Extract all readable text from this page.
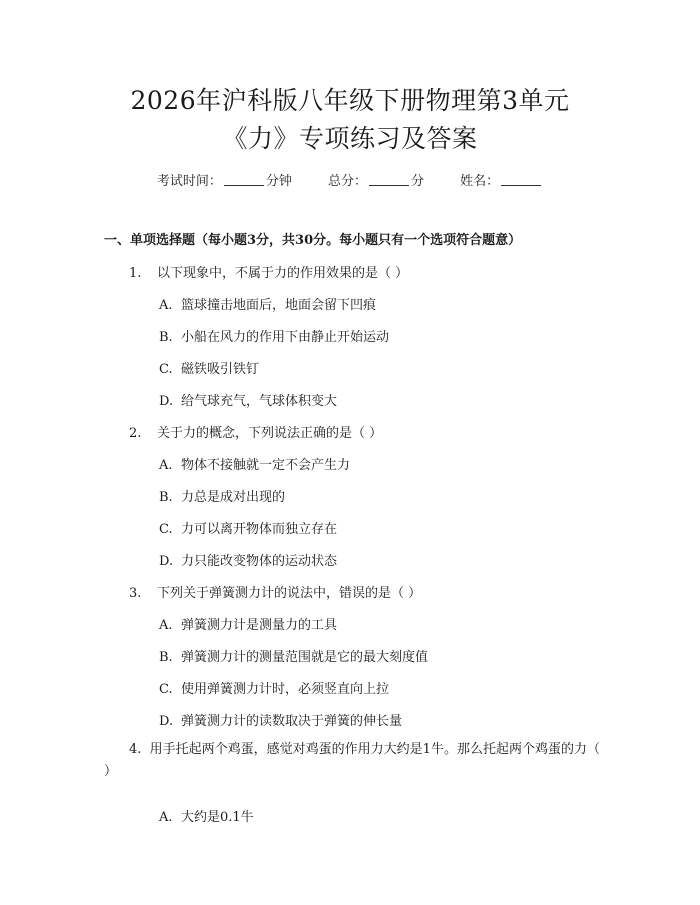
2026年沪科版八年级下册物理第3单元
《力》专项练习及答案
考试时间：	分钟	总分：	分	姓名：
一、单项选择题（每小题3分，共30分。每小题只有一个选项符合题意）
1. 以下现象中，不属于力的作用效果的是（ ）
A. 篮球撞击地面后，地面会留下凹痕
B. 小船在风力的作用下由静止开始运动
C. 磁铁吸引铁钉
D. 给气球充气，气球体积变大
2. 关于力的概念，下列说法正确的是（ ）
A. 物体不接触就一定不会产生力
B. 力总是成对出现的
C. 力可以离开物体而独立存在
D. 力只能改变物体的运动状态
3. 下列关于弹簧测力计的说法中，错误的是（ ）
A. 弹簧测力计是测量力的工具
B. 弹簧测力计的测量范围就是它的最大刻度值
C. 使用弹簧测力计时，必须竖直向上拉
D. 弹簧测力计的读数取决于弹簧的伸长量
4. 用手托起两个鸡蛋，感觉对鸡蛋的作用力大约是1牛。那么托起两个鸡蛋的力（ ）
A. 大约是0.1牛
